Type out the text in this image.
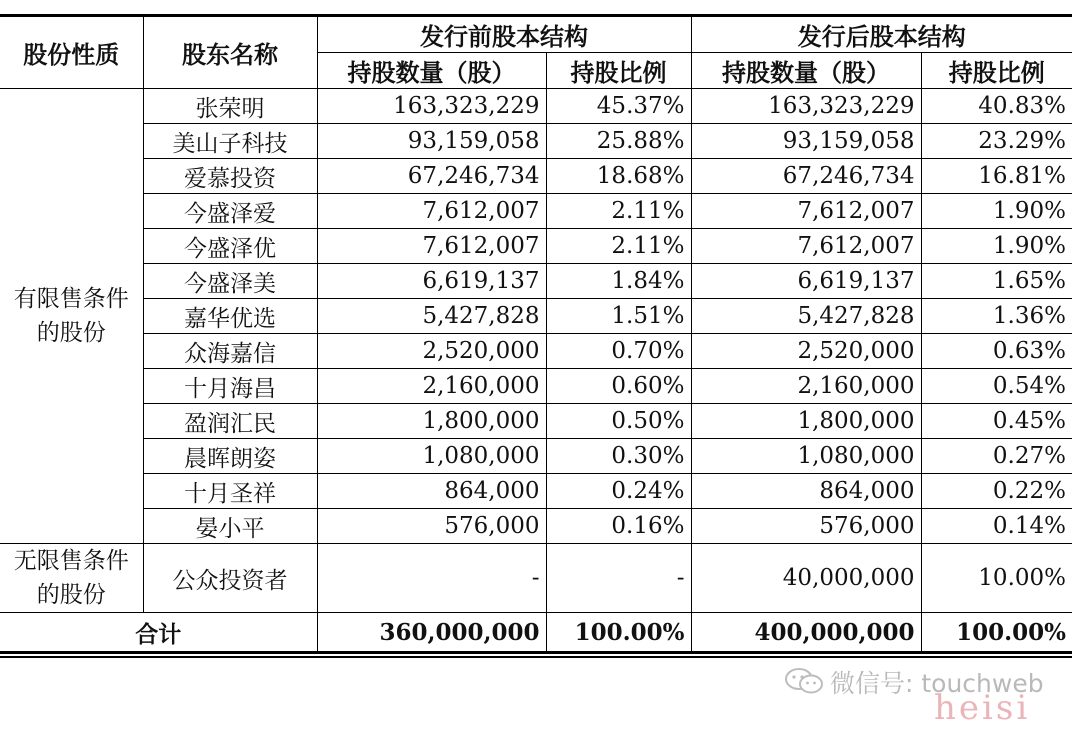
股份性质	股东名称	发行前股本结构		发行后股本结构	
		持股数量（股）	持股比例	持股数量（股）	持股比例
有限售条件的股份	张荣明	163,323,229	45.37%	163,323,229	40.83%
	美山子科技	93,159,058	25.88%	93,159,058	23.29%
	爱慕投资	67,246,734	18.68%	67,246,734	16.81%
	今盛泽爱	7,612,007	2.11%	7,612,007	1.90%
	今盛泽优	7,612,007	2.11%	7,612,007	1.90%
	今盛泽美	6,619,137	1.84%	6,619,137	1.65%
	嘉华优选	5,427,828	1.51%	5,427,828	1.36%
	众海嘉信	2,520,000	0.70%	2,520,000	0.63%
	十月海昌	2,160,000	0.60%	2,160,000	0.54%
	盈润汇民	1,800,000	0.50%	1,800,000	0.45%
	晨晖朗姿	1,080,000	0.30%	1,080,000	0.27%
	十月圣祥	864,000	0.24%	864,000	0.22%
	晏小平	576,000	0.16%	576,000	0.14%
无限售条件的股份	公众投资者	-	-	40,000,000	10.00%
合计		360,000,000	100.00%	400,000,000	100.00%
微信号: touchweb
heisi
